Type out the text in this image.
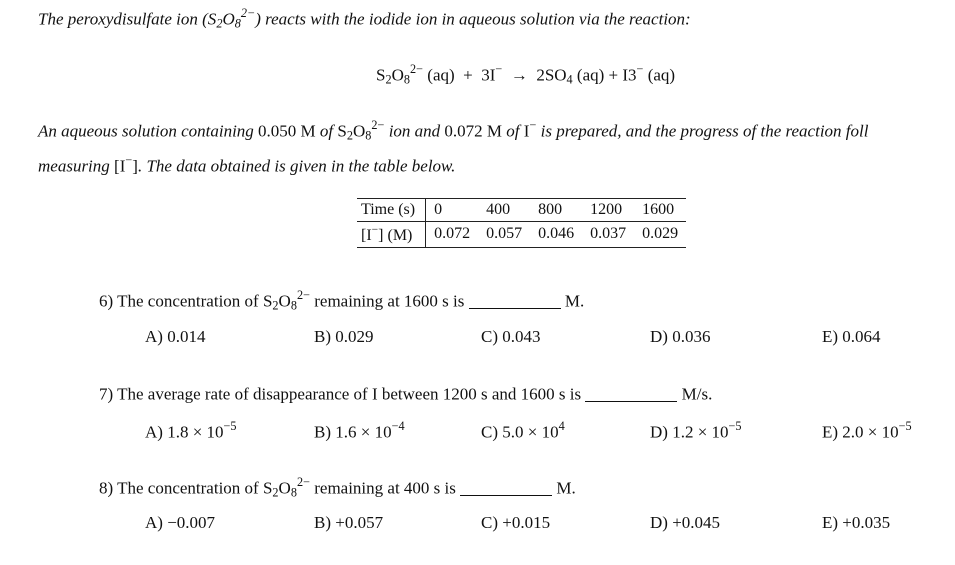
The peroxydisulfate ion $(S_2O_8^{2-})$ reacts with the iodide ion in aqueous solution via the reaction:
$S_2O_8^{2-}$ $(aq) + 3I^- \to 2SO_4$ (aq) + I3− (aq)
An aqueous solution containing 0.050 M of $S_2O_8^{2-}$ ion and 0.072 M of I− is prepared, and the progress of the reaction foll
measuring [I−]. The data obtained is given in the table below.
Time (s)	0	400	800	1200	1600
[I−] (M)	0.072	0.057	0.046	0.037	0.029
6) The concentration of $S_2O_8^{2-}$ remaining at 1600 s is	M.
A) 0.014	B) 0.029	C) 0.043	D) 0.036	E) 0.064
7) The average rate of disappearance of I between 1200 s and 1600 s is	M/s.
A) $1.8 \times 10^{-5}$	B) $1.6 \times 10^{-4}$	C) $5.0 \times 10^4$	D) $1.2 \times 10^{-5}$	E) $2.0 \times 10^{-5}$
8) The concentration of $S_2O_8^{2-}$ remaining at 400 s is	M.
A) −0.007	B) +0.057	C) +0.015	D) +0.045	E) +0.035
